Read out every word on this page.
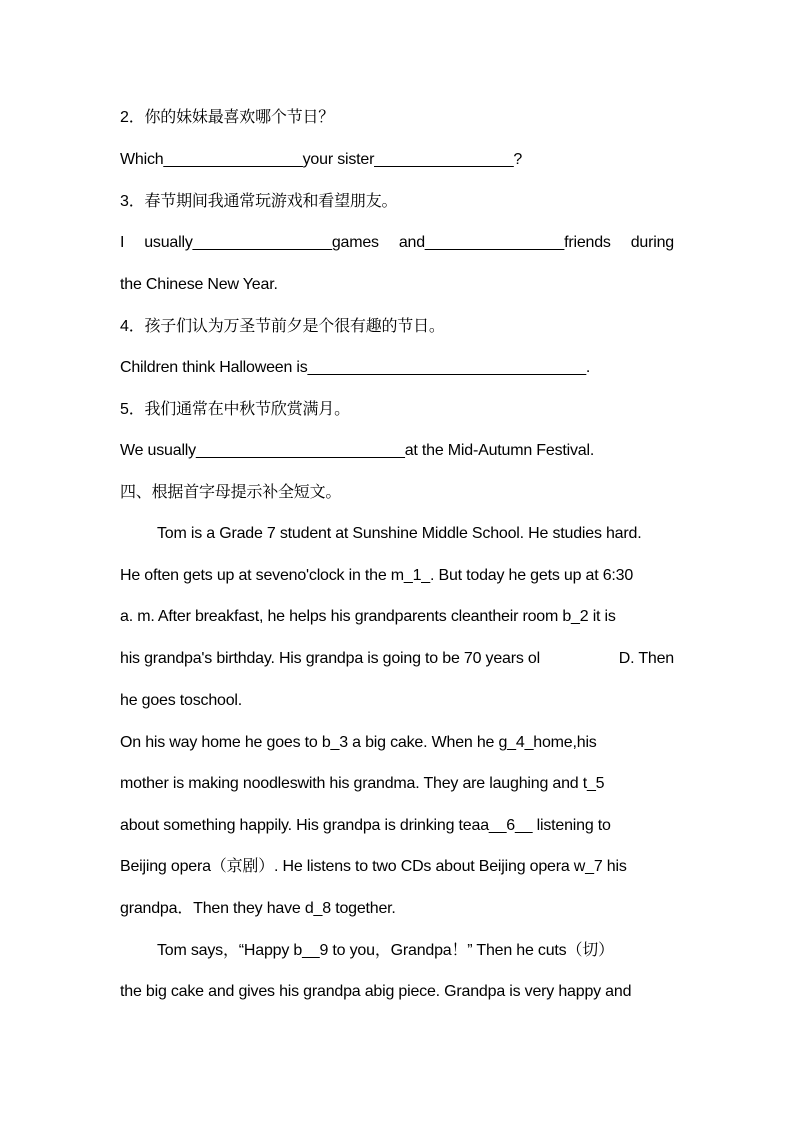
2．你的妹妹最喜欢哪个节日？
Which________________your sister________________?
3．春节期间我通常玩游戏和看望朋友。
I usually________________games and________________friends during
the Chinese New Year.
4．孩子们认为万圣节前夕是个很有趣的节日。
Children think Halloween is________________________________.
5．我们通常在中秋节欣赏满月。
We usually________________________at the Mid-Autumn Festival.
四、根据首字母提示补全短文。
Tom is a Grade 7 student at Sunshine Middle School. He studies hard.
He often gets up at seveno'clock in the m_1_. But today he gets up at 6:30
a. m. After breakfast, he helps his grandparents cleantheir room b_2 it is
his grandpa's birthday. His grandpa is going to be 70 years ol	D. Then
he goes toschool.
On his way home he goes to b_3 a big cake. When he g_4_home,his
mother is making noodleswith his grandma. They are laughing and t_5
about something happily. His grandpa is drinking teaa__6__ listening to
Beijing opera（京剧）. He listens to two CDs about Beijing opera w_7 his
grandpa．Then they have d_8 together.
Tom says，“Happy b__9 to you，Grandpa！” Then he cuts（切）
the big cake and gives his grandpa abig piece. Grandpa is very happy and
